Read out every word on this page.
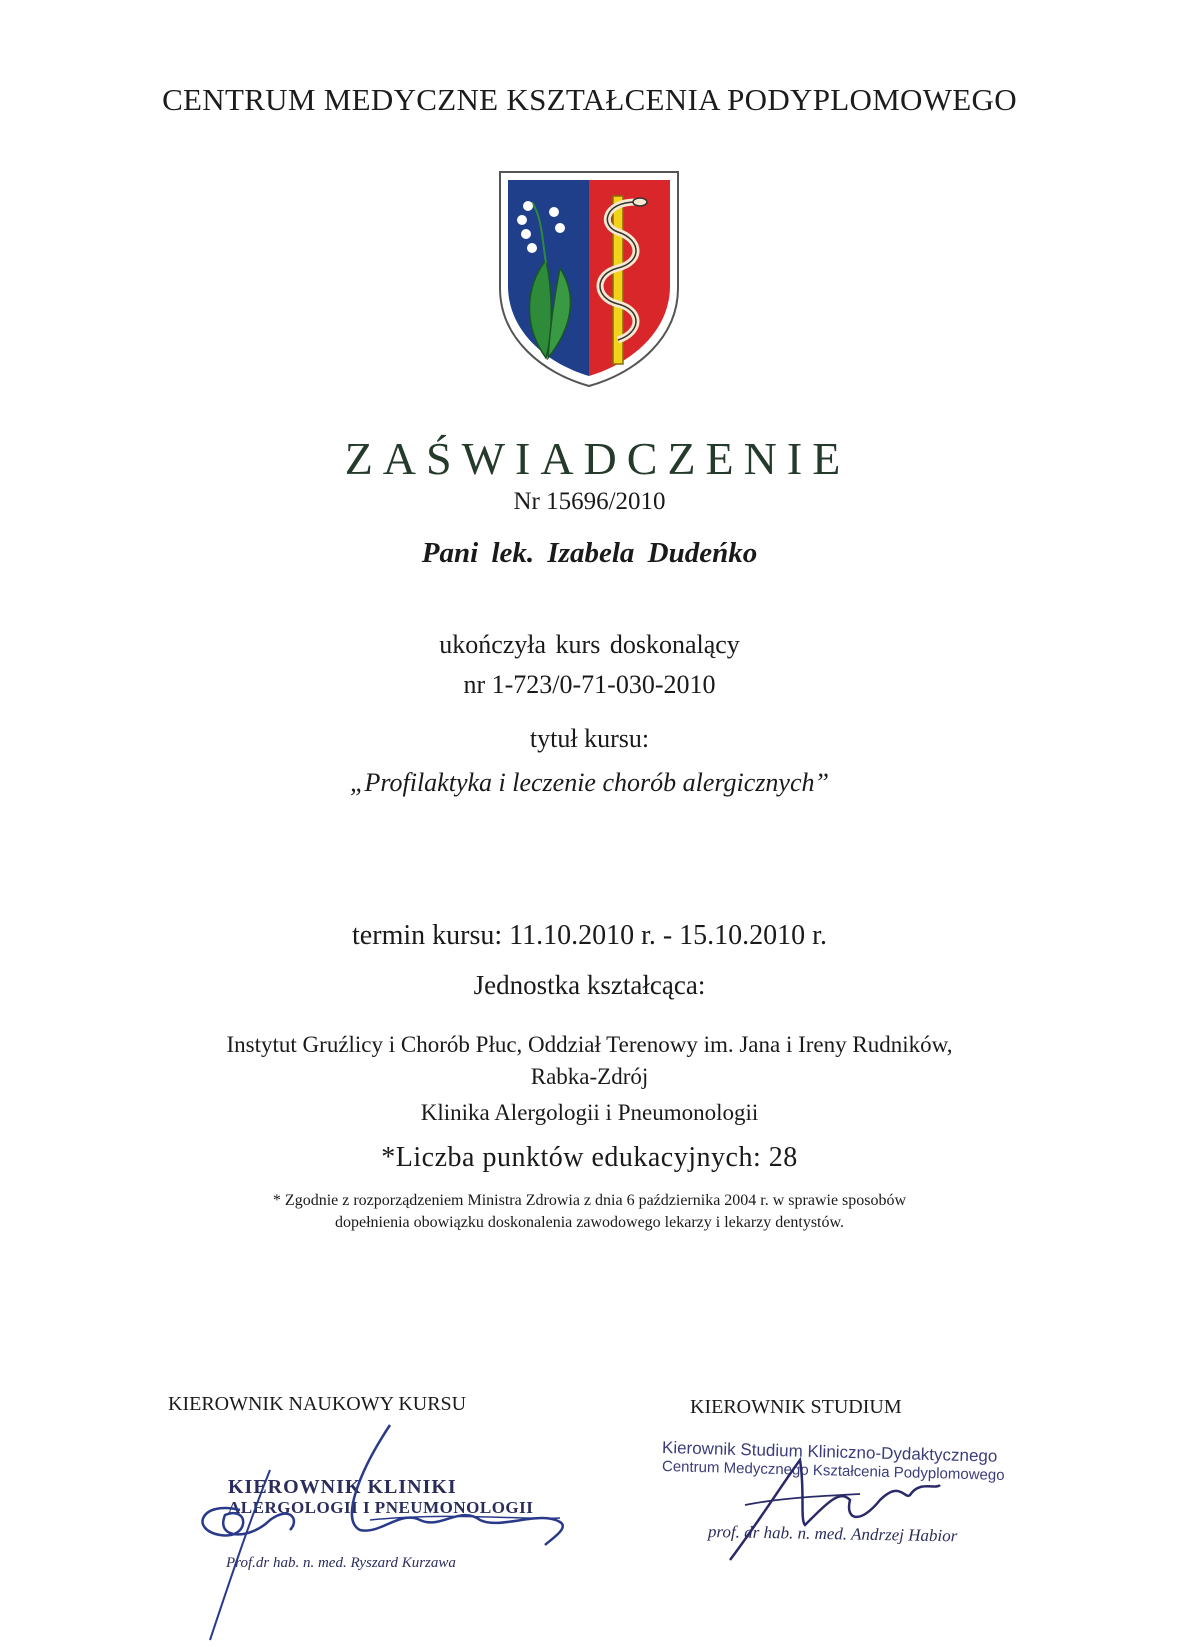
CENTRUM MEDYCZNE KSZTAŁCENIA PODYPLOMOWEGO
ZAŚWIADCZENIE
Nr 15696/2010
Pani lek. Izabela Dudeńko
ukończyła kurs doskonalący
nr 1-723/0-71-030-2010
tytuł kursu:
„Profilaktyka i leczenie chorób alergicznych”
termin kursu: 11.10.2010 r. - 15.10.2010 r.
Jednostka kształcąca:
Instytut Gruźlicy i Chorób Płuc, Oddział Terenowy im. Jana i Ireny Rudników,
Rabka-Zdrój
Klinika Alergologii i Pneumonologii
*Liczba punktów edukacyjnych: 28
* Zgodnie z rozporządzeniem Ministra Zdrowia z dnia 6 października 2004 r. w sprawie sposobów
dopełnienia obowiązku doskonalenia zawodowego lekarzy i lekarzy dentystów.
KIEROWNIK NAUKOWY KURSU	KIEROWNIK STUDIUM
KIEROWNIK KLINIKI
ALERGOLOGII I PNEUMONOLOGII
Prof.dr hab. n. med. Ryszard Kurzawa
Kierownik Studium Kliniczno-Dydaktycznego
Centrum Medycznego Kształcenia Podyplomowego
prof. dr hab. n. med. Andrzej Habior
